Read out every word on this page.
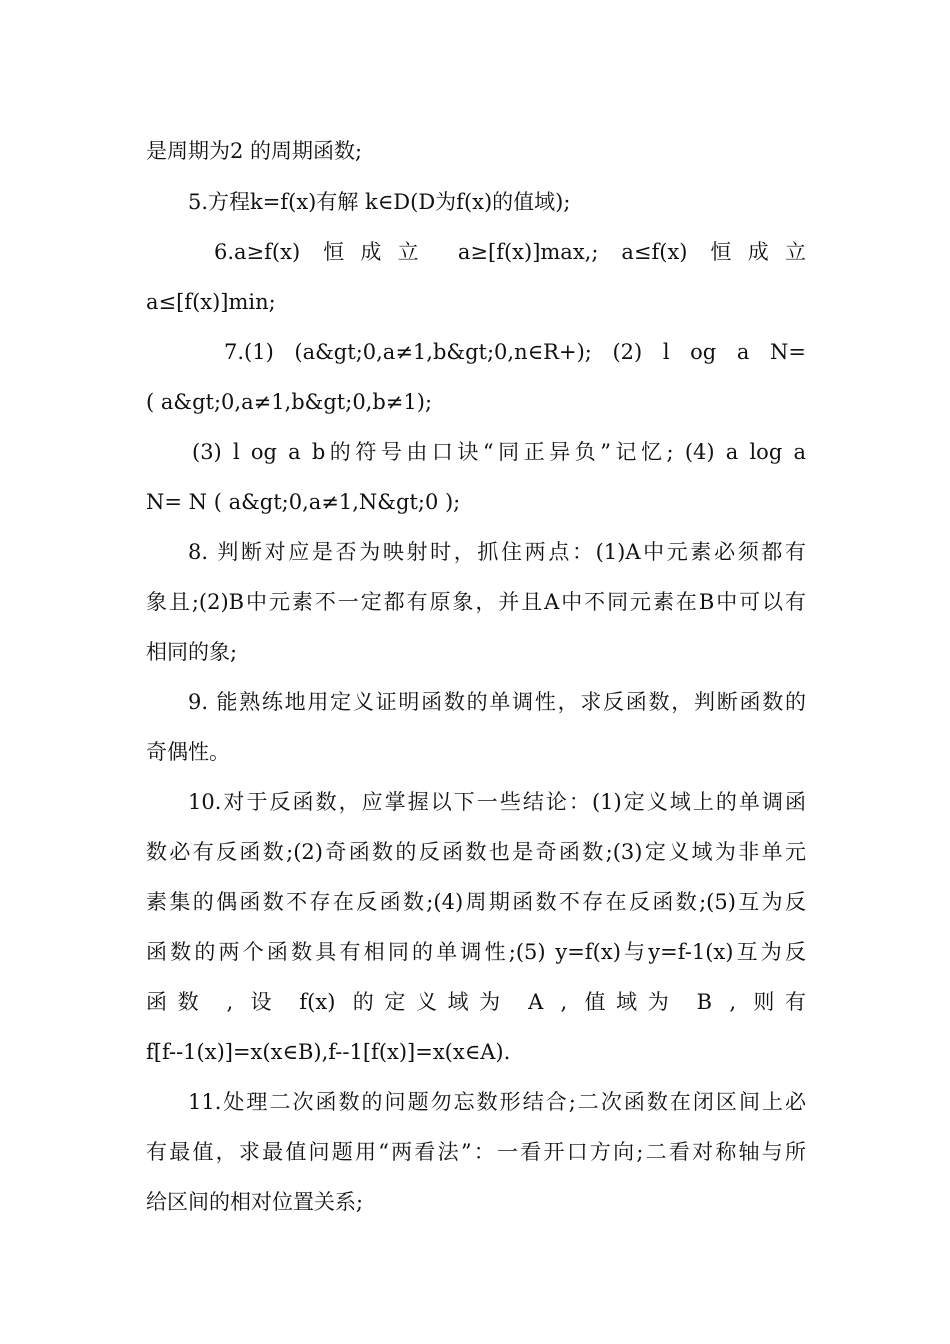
是周期为2 的周期函数;
5.方程k=f(x)有解 k∈D(D为f(x)的值域);
6.a≥f(x) 恒成立 a≥[f(x)]max,; a≤f(x) 恒成立
a≤[f(x)]min;
7.(1) (a&gt;0,a≠1,b&gt;0,n∈R+); (2) l og a N=
( a&gt;0,a≠1,b&gt;0,b≠1);
(3) l og a b的符号由口诀“同正异负”记忆; (4) a log a
N= N ( a&gt;0,a≠1,N&gt;0 );
8. 判断对应是否为映射时，抓住两点：(1)A中元素必须都有
象且;(2)B中元素不一定都有原象，并且A中不同元素在B中可以有
相同的象;
9. 能熟练地用定义证明函数的单调性，求反函数，判断函数的
奇偶性。
10.对于反函数，应掌握以下一些结论：(1)定义域上的单调函
数必有反函数;(2)奇函数的反函数也是奇函数;(3)定义域为非单元
素集的偶函数不存在反函数;(4)周期函数不存在反函数;(5)互为反
函数的两个函数具有相同的单调性;(5) y=f(x)与y=f-1(x)互为反
函数 , 设 f(x) 的定义域为 A , 值域为 B , 则有
f[f--1(x)]=x(x∈B),f--1[f(x)]=x(x∈A).
11.处理二次函数的问题勿忘数形结合;二次函数在闭区间上必
有最值，求最值问题用“两看法”：一看开口方向;二看对称轴与所
给区间的相对位置关系;
